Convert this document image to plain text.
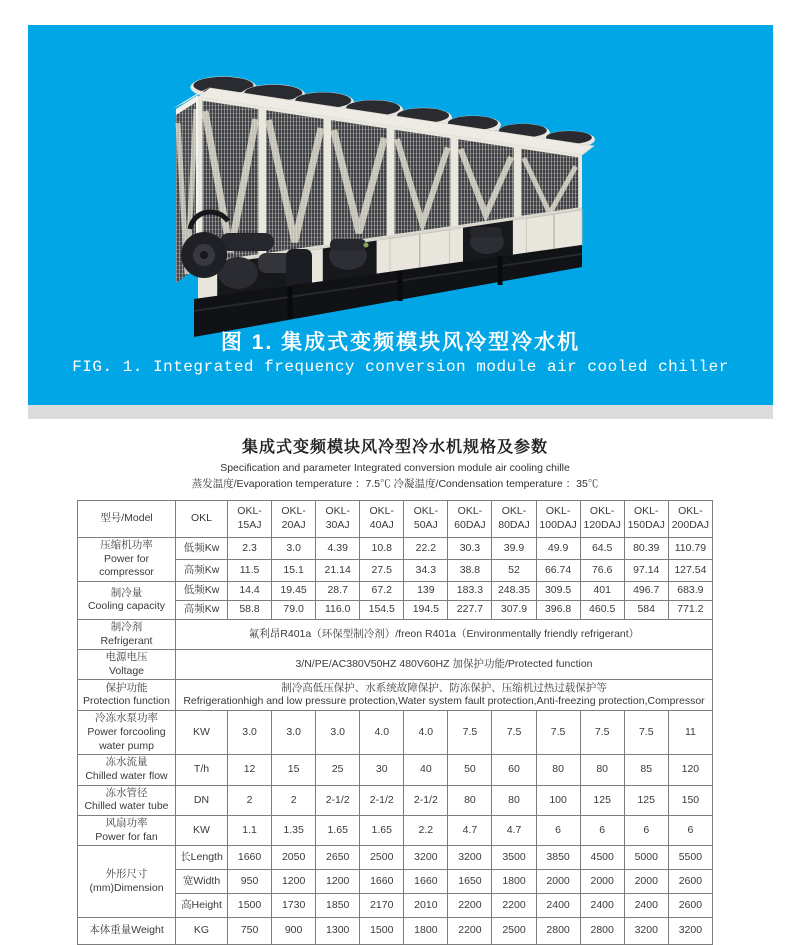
图 1. 集成式变频模块风冷型冷水机
FIG. 1. Integrated frequency conversion module air cooled chiller
集成式变频模块风冷型冷水机规格及参数
Specification and parameter Integrated conversion module air cooling chille
蒸发温度/Evaporation temperature ：7.5℃ 冷凝温度/Condensation temperature ：35℃
型号/Model	OKL	OKL-15AJ	OKL-20AJ	OKL-30AJ	OKL-40AJ	OKL-50AJ	OKL-60DAJ	OKL-80DAJ	OKL-100DAJ	OKL-120DAJ	OKL-150DAJ	OKL-200DAJ

压缩机功率
Power for compressor	低频Kw	2.3	3.0	4.39	10.8	22.2	30.3	39.9	49.9	64.5	80.39	110.79
	高频Kw	11.5	15.1	21.14	27.5	34.3	38.8	52	66.74	76.6	97.14	127.54

制冷量
Cooling capacity	低频Kw	14.4	19.45	28.7	67.2	139	183.3	248.35	309.5	401	496.7	683.9
	高频Kw	58.8	79.0	116.0	154.5	194.5	227.7	307.9	396.8	460.5	584	771.2

制冷剂
Refrigerant	氟利昂R401a（环保型制冷剂）/freon R401a（Environmentally friendly refrigerant）											

电源电压
Voltage	3/N/PE/AC380V50HZ 480V60HZ 加保护功能/Protected function											

保护功能
Protection function

制冷高低压保护、水系统故障保护、防冻保护、压缩机过热过载保护等
Refrigerationhigh and low pressure protection,Water system fault protection,Anti-freezing protection,Compressor

冷冻水泵功率
Power forcooling
water pump	KW	3.0	3.0	3.0	4.0	4.0	7.5	7.5	7.5	7.5	7.5	11

冻水流量
Chilled water flow	T/h	12	15	25	30	40	50	60	80	80	85	120

冻水管径
Chilled water tube	DN	2	2	2-1/2	2-1/2	2-1/2	80	80	100	125	125	150

风扇功率
Power for fan	KW	1.1	1.35	1.65	1.65	2.2	4.7	4.7	6	6	6	6

外形尺寸
(mm)Dimension	长Length	1660	2050	2650	2500	3200	3200	3500	3850	4500	5000	5500
	宽Width	950	1200	1200	1660	1660	1650	1800	2000	2000	2000	2600
	高Height	1500	1730	1850	2170	2010	2200	2200	2400	2400	2400	2600
本体重量Weight	KG	750	900	1300	1500	1800	2200	2500	2800	2800	3200	3200
